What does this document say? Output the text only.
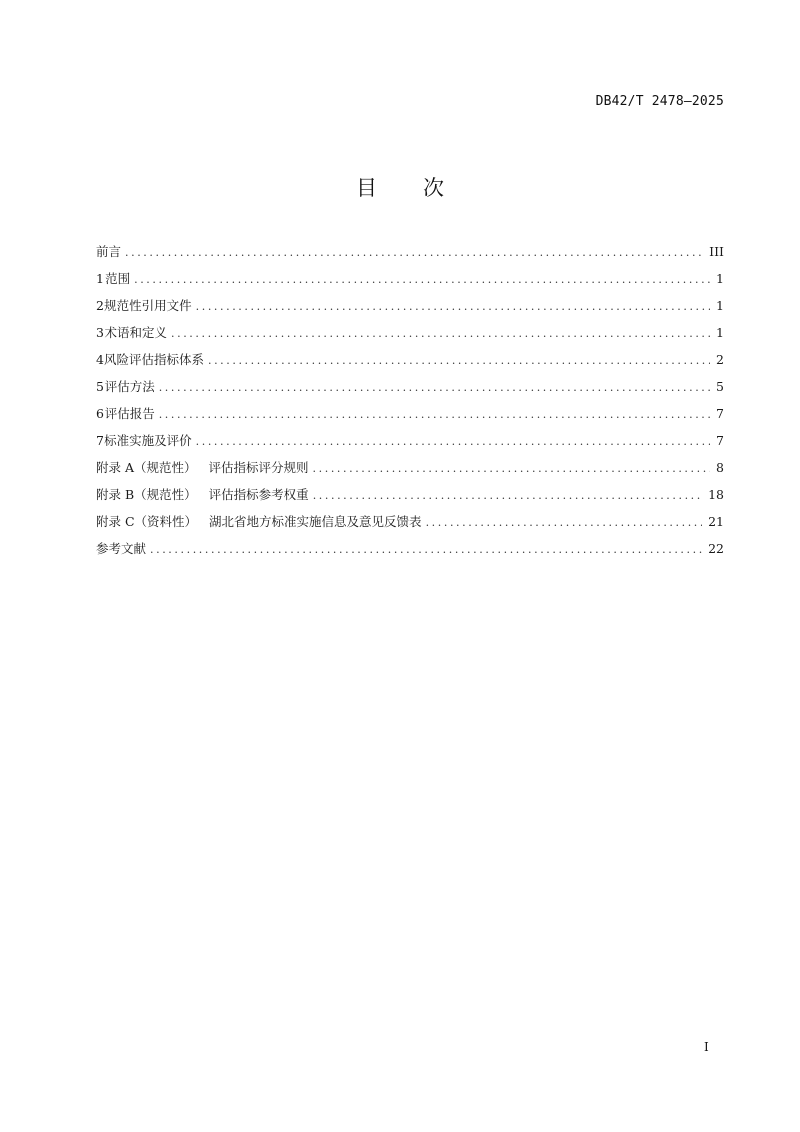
DB42/T 2478—2025
目 次
前言 .....	III
1 范围 .....	1
2 规范性引用文件 .....	1
3 术语和定义 .....	1
4 风险评估指标体系 .....	2
5 评估方法 .....	5
6 评估报告 .....	7
7 标准实施及评价 .....	7
附录 A（规范性） 评估指标评分规则 .....	8
附录 B（规范性） 评估指标参考权重 .....	18
附录 C（资料性） 湖北省地方标准实施信息及意见反馈表 .....	21
参考文献 .....	22
I
